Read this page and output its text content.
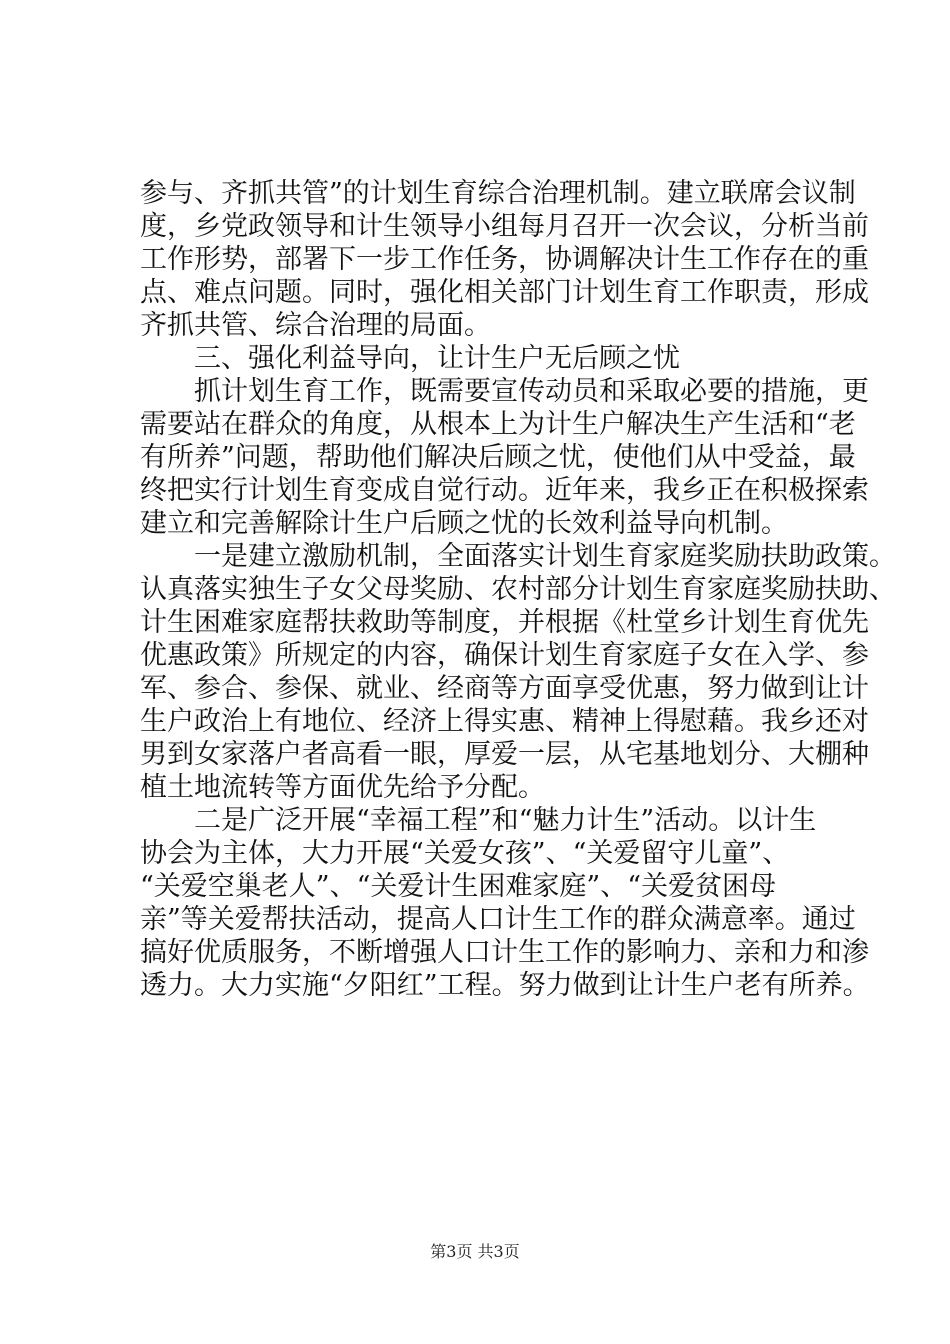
参与、齐抓共管”的计划生育综合治理机制。建立联席会议制
度，乡党政领导和计生领导小组每月召开一次会议，分析当前
工作形势，部署下一步工作任务，协调解决计生工作存在的重
点、难点问题。同时，强化相关部门计划生育工作职责，形成
齐抓共管、综合治理的局面。
三、强化利益导向，让计生户无后顾之忧
抓计划生育工作，既需要宣传动员和采取必要的措施，更
需要站在群众的角度，从根本上为计生户解决生产生活和“老
有所养”问题，帮助他们解决后顾之忧，使他们从中受益，最
终把实行计划生育变成自觉行动。近年来，我乡正在积极探索
建立和完善解除计生户后顾之忧的长效利益导向机制。
一是建立激励机制，全面落实计划生育家庭奖励扶助政策。
认真落实独生子女父母奖励、农村部分计划生育家庭奖励扶助、
计生困难家庭帮扶救助等制度，并根据《杜堂乡计划生育优先
优惠政策》所规定的内容，确保计划生育家庭子女在入学、参
军、参合、参保、就业、经商等方面享受优惠，努力做到让计
生户政治上有地位、经济上得实惠、精神上得慰藉。我乡还对
男到女家落户者高看一眼，厚爱一层，从宅基地划分、大棚种
植土地流转等方面优先给予分配。
二是广泛开展“幸福工程”和“魅力计生”活动。以计生
协会为主体，大力开展“关爱女孩”、“关爱留守儿童”、
“关爱空巢老人”、“关爱计生困难家庭”、“关爱贫困母
亲”等关爱帮扶活动，提高人口计生工作的群众满意率。通过
搞好优质服务，不断增强人口计生工作的影响力、亲和力和渗
透力。大力实施“夕阳红”工程。努力做到让计生户老有所养。
第3页 共3页
